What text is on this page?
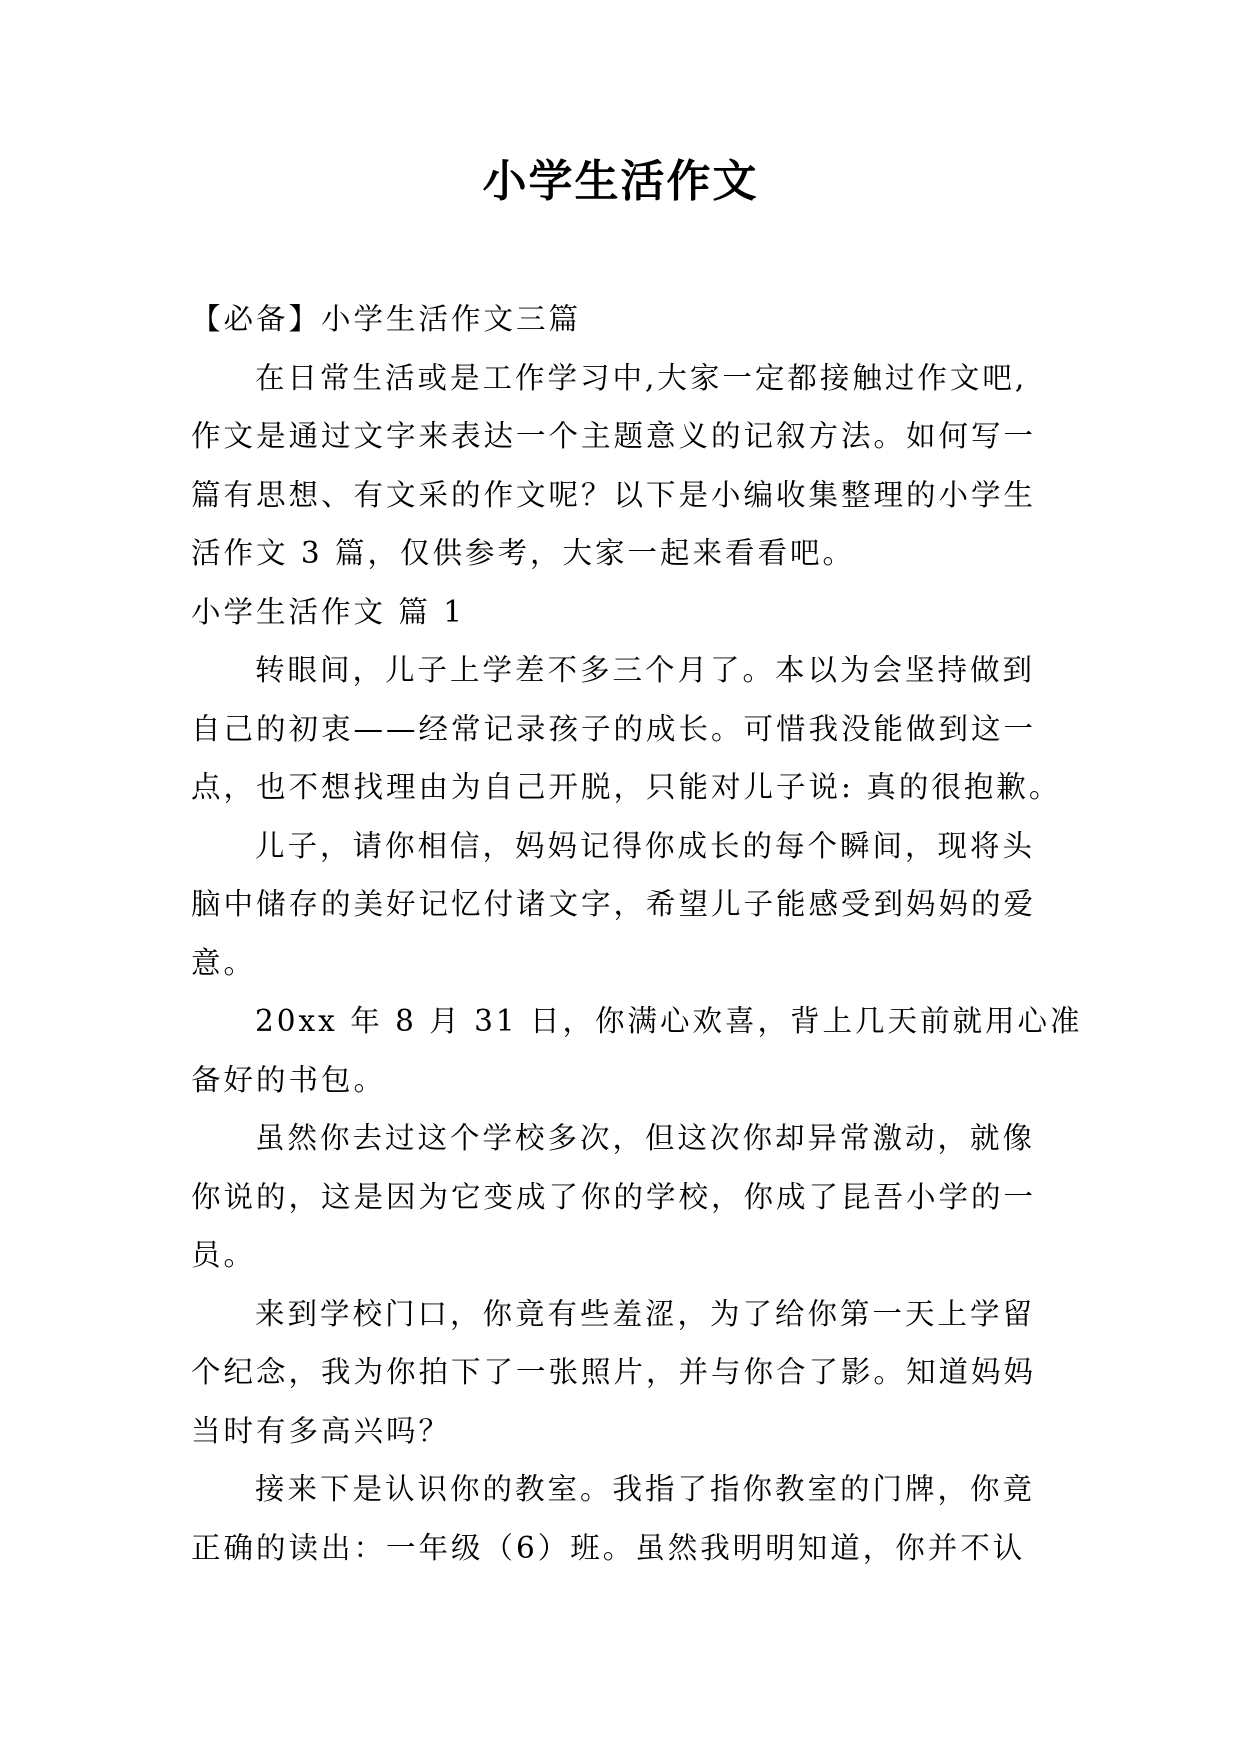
小学生活作文
【必备】小学生活作文三篇
在日常生活或是工作学习中,大家一定都接触过作文吧,
作文是通过文字来表达一个主题意义的记叙方法。如何写一
篇有思想、有文采的作文呢？以下是小编收集整理的小学生
活作文 3 篇，仅供参考，大家一起来看看吧。
小学生活作文 篇 1
转眼间，儿子上学差不多三个月了。本以为会坚持做到
自己的初衷——经常记录孩子的成长。可惜我没能做到这一
点，也不想找理由为自己开脱，只能对儿子说: 真的很抱歉。
儿子，请你相信，妈妈记得你成长的每个瞬间，现将头
脑中储存的美好记忆付诸文字，希望儿子能感受到妈妈的爱
意。
20xx 年 8 月 31 日，你满心欢喜，背上几天前就用心准
备好的书包。
虽然你去过这个学校多次，但这次你却异常激动，就像
你说的，这是因为它变成了你的学校，你成了昆吾小学的一
员。
来到学校门口，你竟有些羞涩，为了给你第一天上学留
个纪念，我为你拍下了一张照片，并与你合了影。知道妈妈
当时有多高兴吗？
接来下是认识你的教室。我指了指你教室的门牌，你竟
正确的读出：一年级（6）班。虽然我明明知道，你并不认
